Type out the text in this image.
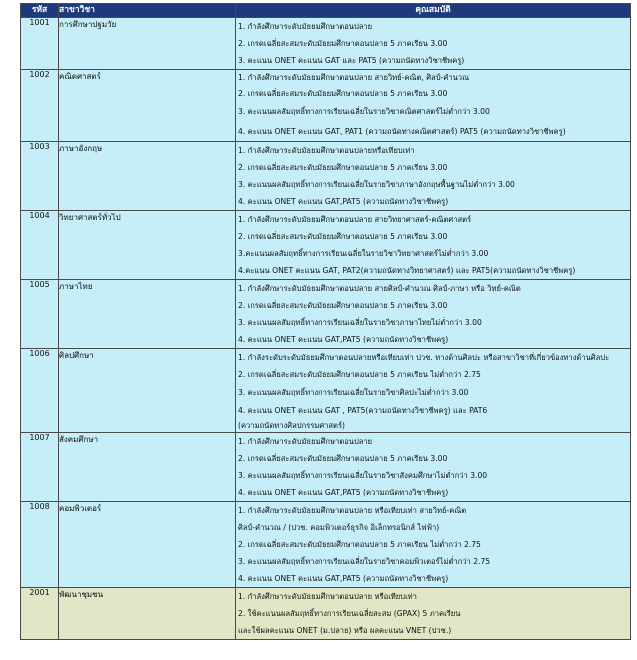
รหัส	สาขาวิชา	คุณสมบัติ
1001	การศึกษาปฐมวัย	1. กำลังศึกษาระดับมัธยมศึกษาตอนปลาย
2. เกรดเฉลี่ยสะสมระดับมัธยมศึกษาตอนปลาย 5 ภาคเรียน 3.00
3. คะแนน ONET คะแนน GAT และ PAT5 (ความถนัดทางวิชาชีพครู)

1002	คณิตศาสตร์	1. กำลังศึกษาระดับมัธยมศึกษาตอนปลาย สายวิทย์-คณิต, ศิลป์-คำนวณ
2. เกรดเฉลี่ยสะสมระดับมัธยมศึกษาตอนปลาย 5 ภาคเรียน 3.00
3. คะแนนผลสัมฤทธิ์ทางการเรียนเฉลี่ยในรายวิชาคณิตศาสตร์ไม่ต่ำกว่า 3.00
4. คะแนน ONET คะแนน GAT, PAT1 (ความถนัดทางคณิตศาสตร์) PAT5 (ความถนัดทางวิชาชีพครู)

1003	ภาษาอังกฤษ	1. กำลังศึกษาระดับมัธยมศึกษาตอนปลายหรือเทียบเท่า
2. เกรดเฉลี่ยสะสมระดับมัธยมศึกษาตอนปลาย 5 ภาคเรียน 3.00
3. คะแนนผลสัมฤทธิ์ทางการเรียนเฉลี่ยในรายวิชาภาษาอังกฤษพื้นฐานไม่ต่ำกว่า 3.00
4. คะแนน ONET คะแนน GAT,PAT5 (ความถนัดทางวิชาชีพครู)

1004	วิทยาศาสตร์ทั่วไป	1. กำลังศึกษาระดับมัธยมศึกษาตอนปลาย สายวิทยาศาสตร์-คณิตศาสตร์
2. เกรดเฉลี่ยสะสมระดับมัธยมศึกษาตอนปลาย 5 ภาคเรียน 3.00
3.คะแนนผลสัมฤทธิ์ทางการเรียนเฉลี่ยในรายวิชาวิทยาศาสตร์ไม่ต่ำกว่า 3.00
4.คะแนน ONET คะแนน GAT, PAT2(ความถนัดทางวิทยาศาสตร์) และ PAT5(ความถนัดทางวิชาชีพครู)

1005	ภาษาไทย	1. กำลังศึกษาระดับมัธยมศึกษาตอนปลาย สายศิลป์-คำนวณ ศิลป์-ภาษา หรือ วิทย์-คณิต
2. เกรดเฉลี่ยสะสมระดับมัธยมศึกษาตอนปลาย 5 ภาคเรียน 3.00
3. คะแนนผลสัมฤทธิ์ทางการเรียนเฉลี่ยในรายวิชาภาษาไทยไม่ต่ำกว่า 3.00
4. คะแนน ONET คะแนน GAT,PAT5 (ความถนัดทางวิชาชีพครู)

1006	ศิลปศึกษา	1. กำลังระดับระดับมัธยมศึกษาตอนปลายหรือเทียบเท่า ปวช. ทางด้านศิลปะ หรือสาขาวิชาที่เกี่ยวข้องทางด้านศิลปะ
2. เกรดเฉลี่ยสะสมระดับมัธยมศึกษาตอนปลาย 5 ภาคเรียน ไม่ต่ำกว่า 2.75
3. คะแนนผลสัมฤทธิ์ทางการเรียนเฉลี่ยในรายวิชาศิลปะไม่ต่ำกว่า 3.00
4. คะแนน ONET คะแนน GAT , PAT5(ความถนัดทางวิชาชีพครู) และ PAT6
(ความถนัดทางศิลปกรรมศาสตร์)

1007	สังคมศึกษา	1. กำลังศึกษาระดับมัธยมศึกษาตอนปลาย
2. เกรดเฉลี่ยสะสมระดับมัธยมศึกษาตอนปลาย 5 ภาคเรียน 3.00
3. คะแนนผลสัมฤทธิ์ทางการเรียนเฉลี่ยในรายวิชาสังคมศึกษาไม่ต่ำกว่า 3.00
4. คะแนน ONET คะแนน GAT,PAT5 (ความถนัดทางวิชาชีพครู)

1008	คอมพิวเตอร์	1. กำลังศึกษาระดับมัธยมศึกษาตอนปลาย หรือเทียบเท่า สายวิทย์-คณิต
ศิลป์-คำนวณ / (ปวช. คอมพิวเตอร์ธุรกิจ อิเล็กทรอนิกส์ ไฟฟ้า)
2. เกรดเฉลี่ยสะสมระดับมัธยมศึกษาตอนปลาย 5 ภาคเรียน ไม่ต่ำกว่า 2.75
3. คะแนนผลสัมฤทธิ์ทางการเรียนเฉลี่ยในรายวิชาคอมพิวเตอร์ไม่ต่ำกว่า 2.75
4. คะแนน ONET คะแนน GAT,PAT5 (ความถนัดทางวิชาชีพครู)

2001	พัฒนาชุมชน	1. กำลังศึกษาระดับมัธยมศึกษาตอนปลาย หรือเทียบเท่า
2. ใช้คะแนนผลสัมฤทธิ์ทางการเรียนเฉลี่ยสะสม (GPAX) 5 ภาคเรียน
และใช้ผลคะแนน ONET (ม.ปลาย) หรือ ผลคะแนน VNET (ปวช.)
